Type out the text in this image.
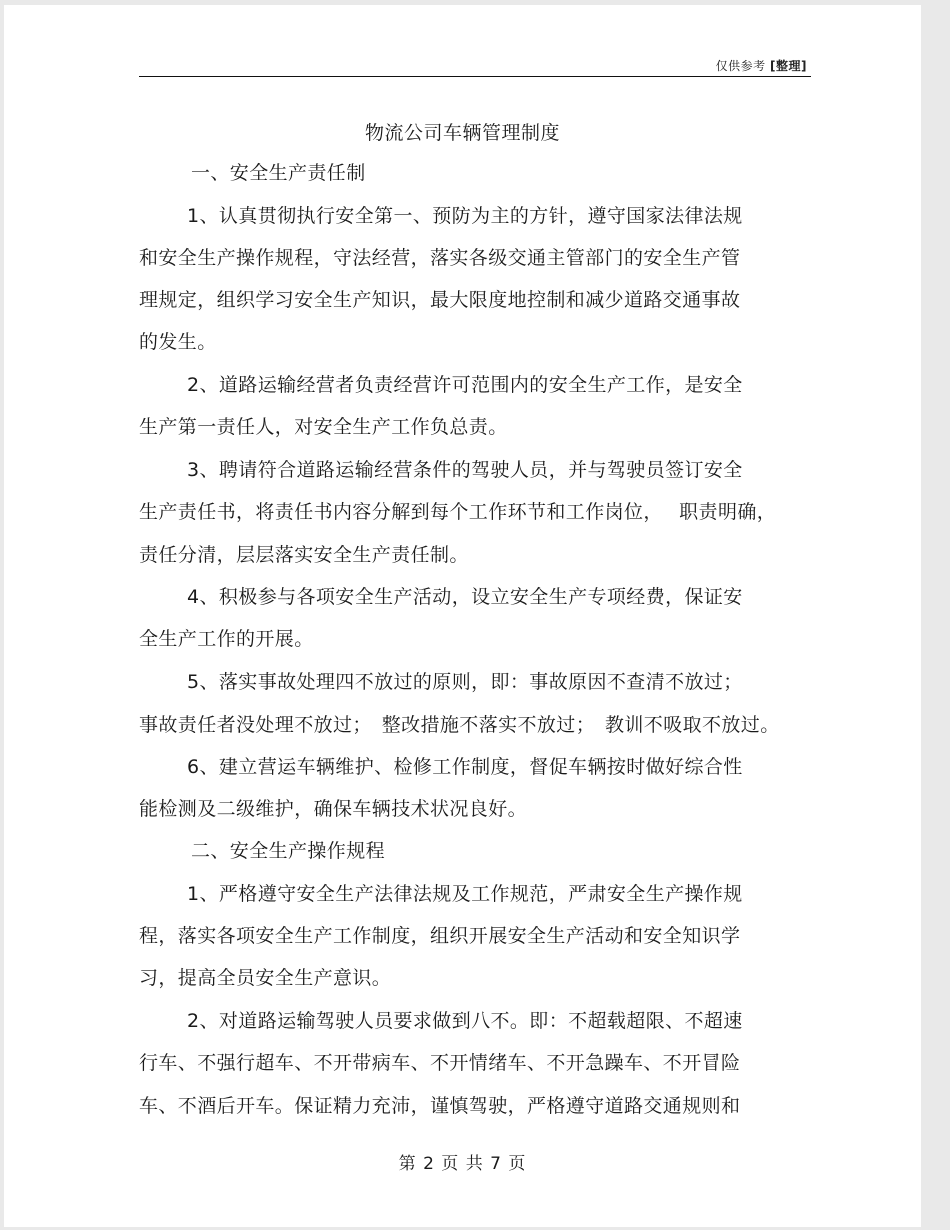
仅供参考 [整理]
物流公司车辆管理制度
一、安全生产责任制
1、认真贯彻执行安全第一、预防为主的方针，遵守国家法律法规
和安全生产操作规程，守法经营，落实各级交通主管部门的安全生产管
理规定，组织学习安全生产知识，最大限度地控制和减少道路交通事故
的发生。
2、道路运输经营者负责经营许可范围内的安全生产工作，是安全
生产第一责任人，对安全生产工作负总责。
3、聘请符合道路运输经营条件的驾驶人员，并与驾驶员签订安全
生产责任书，将责任书内容分解到每个工作环节和工作岗位，　 职责明确，
责任分清，层层落实安全生产责任制。
4、积极参与各项安全生产活动，设立安全生产专项经费，保证安
全生产工作的开展。
5、落实事故处理四不放过的原则，即：事故原因不查清不放过；
事故责任者没处理不放过；　整改措施不落实不放过；　教训不吸取不放过。
6、建立营运车辆维护、检修工作制度，督促车辆按时做好综合性
能检测及二级维护，确保车辆技术状况良好。
二、安全生产操作规程
1、严格遵守安全生产法律法规及工作规范，严肃安全生产操作规
程，落实各项安全生产工作制度，组织开展安全生产活动和安全知识学
习，提高全员安全生产意识。
2、对道路运输驾驶人员要求做到八不。即：不超载超限、不超速
行车、不强行超车、不开带病车、不开情绪车、不开急躁车、不开冒险
车、不酒后开车。保证精力充沛，谨慎驾驶，严格遵守道路交通规则和
第 2 页 共 7 页
